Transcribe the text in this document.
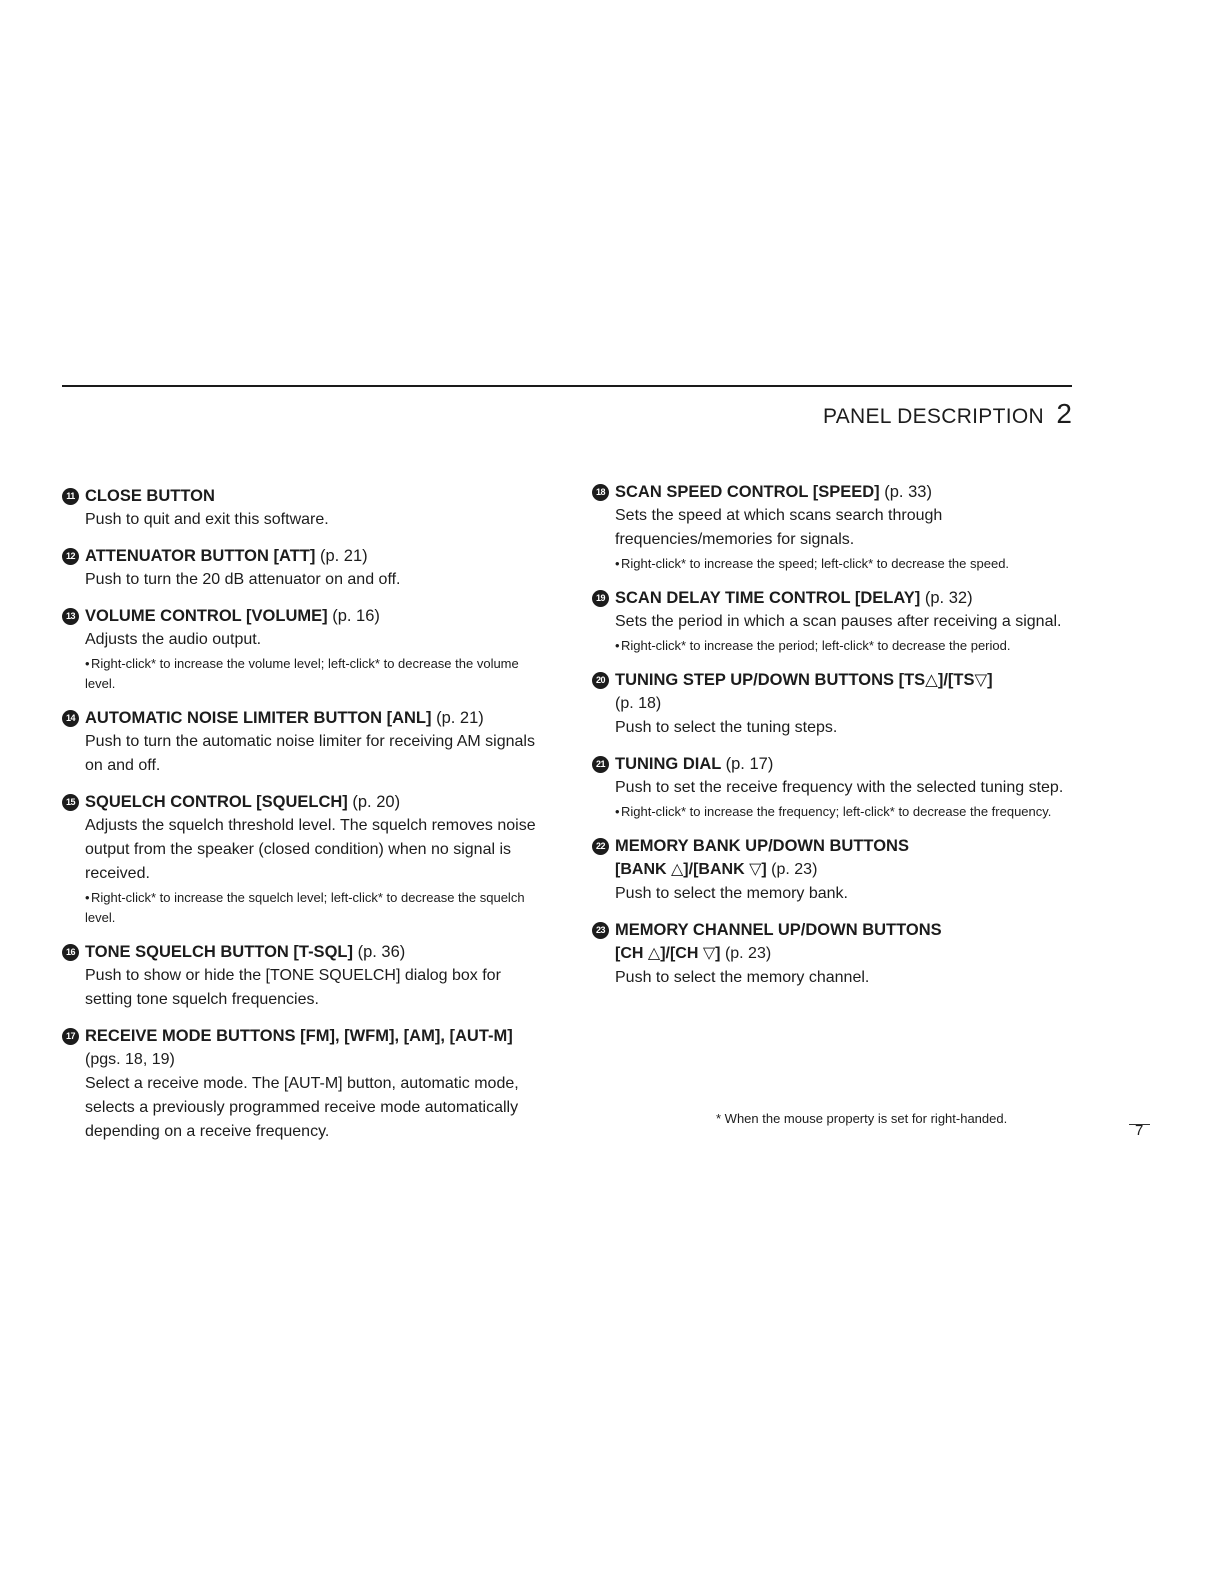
PANEL DESCRIPTION 2
11 CLOSE BUTTON
Push to quit and exit this software.
12 ATTENUATOR BUTTON [ATT] (p. 21)
Push to turn the 20 dB attenuator on and off.
13 VOLUME CONTROL [VOLUME] (p. 16)
Adjusts the audio output.
•Right-click* to increase the volume level; left-click* to decrease the volume level.
14 AUTOMATIC NOISE LIMITER BUTTON [ANL] (p. 21)
Push to turn the automatic noise limiter for receiving AM signals on and off.
15 SQUELCH CONTROL [SQUELCH] (p. 20)
Adjusts the squelch threshold level. The squelch removes noise output from the speaker (closed condition) when no signal is received.
•Right-click* to increase the squelch level; left-click* to decrease the squelch level.
16 TONE SQUELCH BUTTON [T-SQL] (p. 36)
Push to show or hide the [TONE SQUELCH] dialog box for setting tone squelch frequencies.
17 RECEIVE MODE BUTTONS [FM], [WFM], [AM], [AUT-M]
(pgs. 18, 19)
Select a receive mode. The [AUT-M] button, automatic mode, selects a previously programmed receive mode automatically depending on a receive frequency.
18 SCAN SPEED CONTROL [SPEED] (p. 33)
Sets the speed at which scans search through frequencies/memories for signals.
•Right-click* to increase the speed; left-click* to decrease the speed.
19 SCAN DELAY TIME CONTROL [DELAY] (p. 32)
Sets the period in which a scan pauses after receiving a signal.
•Right-click* to increase the period; left-click* to decrease the period.
20 TUNING STEP UP/DOWN BUTTONS [TS△]/[TS▽]
(p. 18)
Push to select the tuning steps.
21 TUNING DIAL (p. 17)
Push to set the receive frequency with the selected tuning step.
•Right-click* to increase the frequency; left-click* to decrease the frequency.
22 MEMORY BANK UP/DOWN BUTTONS
[BANK △]/[BANK ▽] (p. 23)
Push to select the memory bank.
23 MEMORY CHANNEL UP/DOWN BUTTONS
[CH △]/[CH ▽] (p. 23)
Push to select the memory channel.
* When the mouse property is set for right-handed.
7
